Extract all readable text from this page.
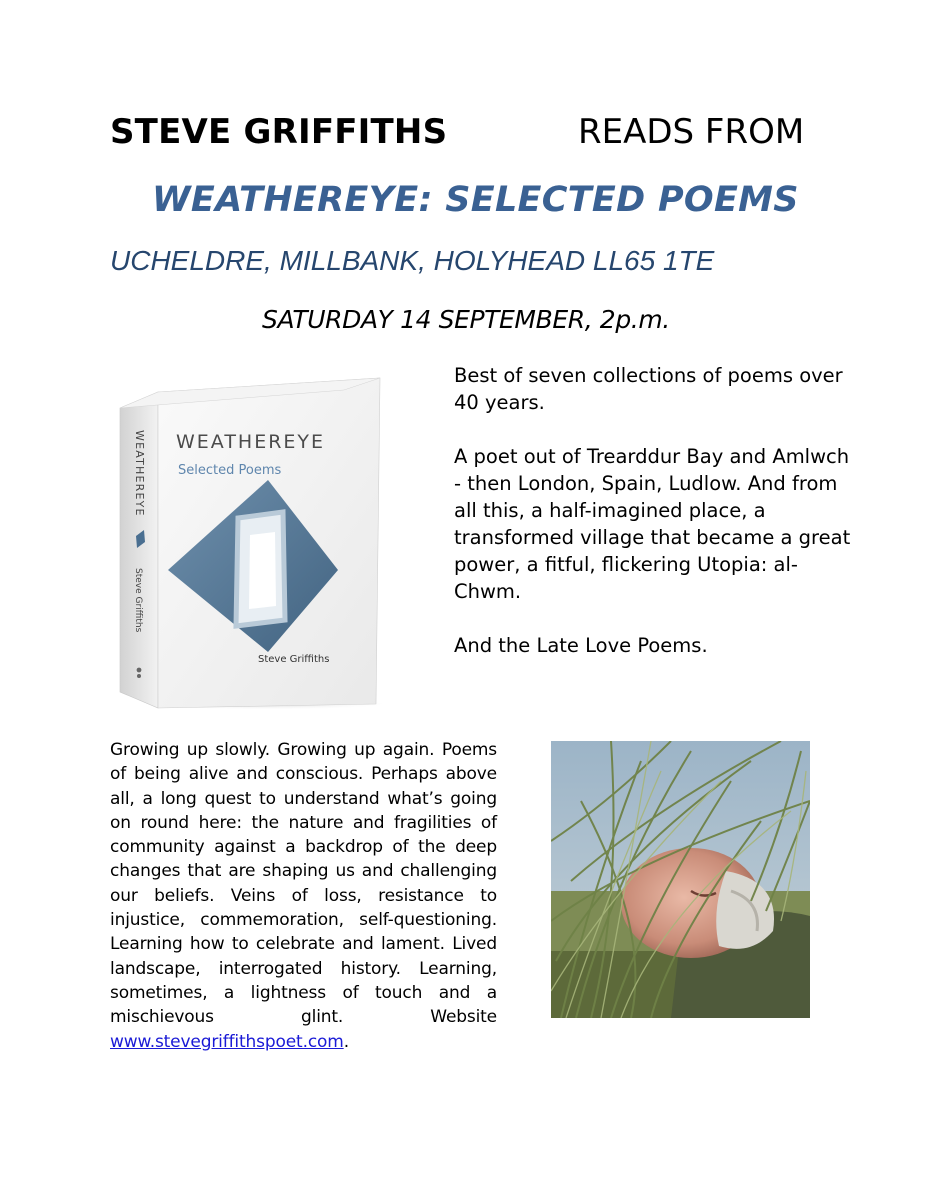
STEVE GRIFFITHS	READS FROM
WEATHEREYE: SELECTED POEMS
UCHELDRE, MILLBANK, HOLYHEAD LL65 1TE
SATURDAY 14 SEPTEMBER, 2p.m.
WEATHEREYE
Selected Poems
Steve Griffiths
WEATHEREYE
Steve Griffiths

Best of seven collections of poems over 40 years.

A poet out of Trearddur Bay and Amlwch - then London, Spain, Ludlow. And from all this, a half-imagined place, a transformed village that became a great power, a fitful, flickering Utopia: al-Chwm.

And the Late Love Poems.

Growing up slowly. Growing up again. Poems of being alive and conscious. Perhaps above all, a long quest to understand what’s going on round here: the nature and fragilities of community against a backdrop of the deep changes that are shaping us and challenging our beliefs. Veins of loss, resistance to injustice, commemoration, self-questioning. Learning how to celebrate and lament. Lived landscape, interrogated history. Learning, sometimes, a lightness of touch and a mischievous glint. Website www.stevegriffithspoet.com.
